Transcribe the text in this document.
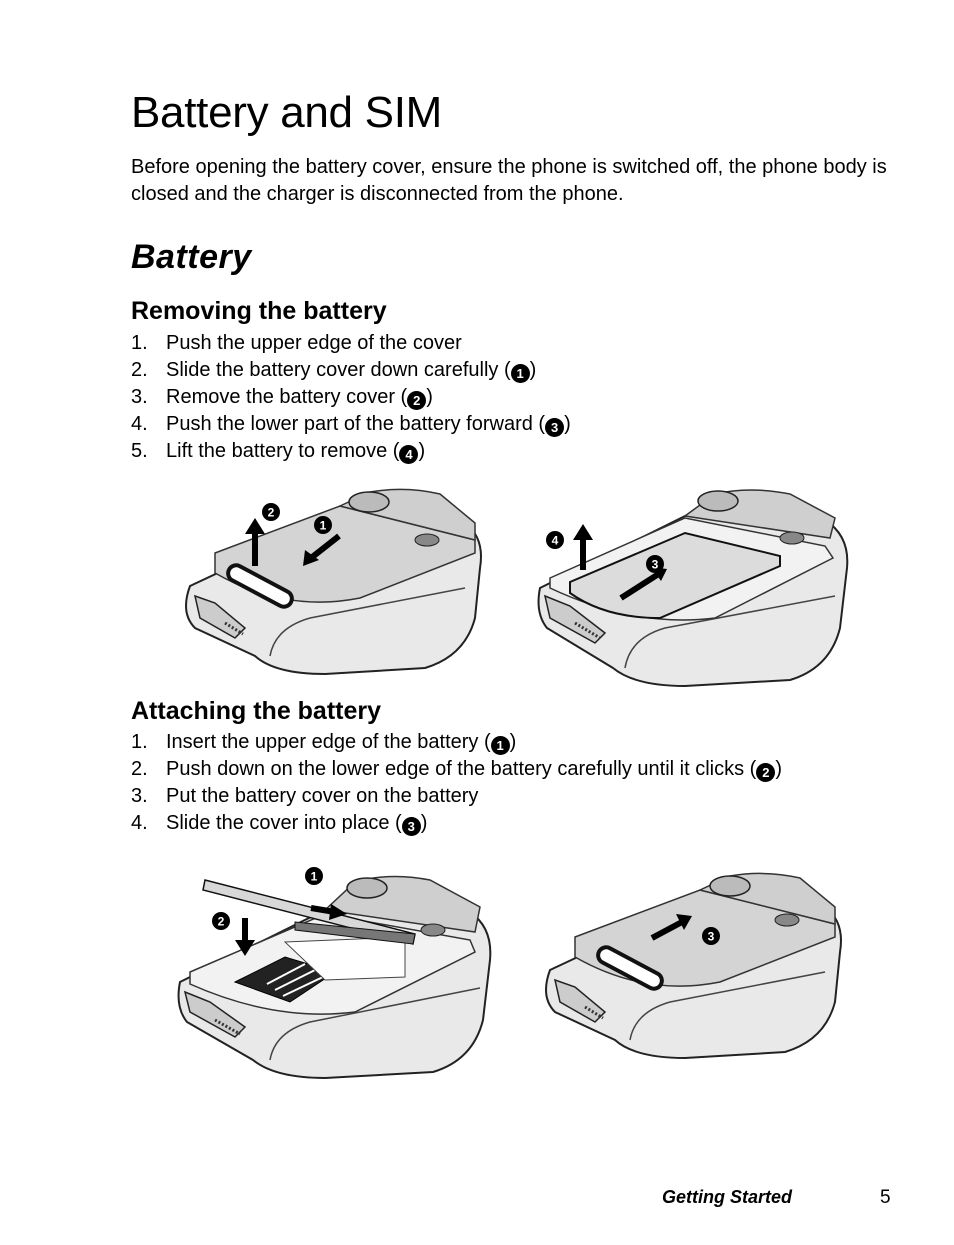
Battery and SIM

Before opening the battery cover, ensure the phone is switched off, the phone body is closed and the charger is disconnected from the phone.

Battery
Removing the battery
1. Push the upper edge of the cover
2. Slide the battery cover down carefully ( 1 )
3. Remove the battery cover ( 2 )
4. Push the lower part of the battery forward ( 3 )
5. Lift the battery to remove ( 4 )
2
1
4
3
Attaching the battery
1. Insert the upper edge of the battery ( 1 )
2. Push down on the lower edge of the battery carefully until it clicks ( 2 )
3. Put the battery cover on the battery
4. Slide the cover into place ( 3 )
1
2
3
Getting Started	5
